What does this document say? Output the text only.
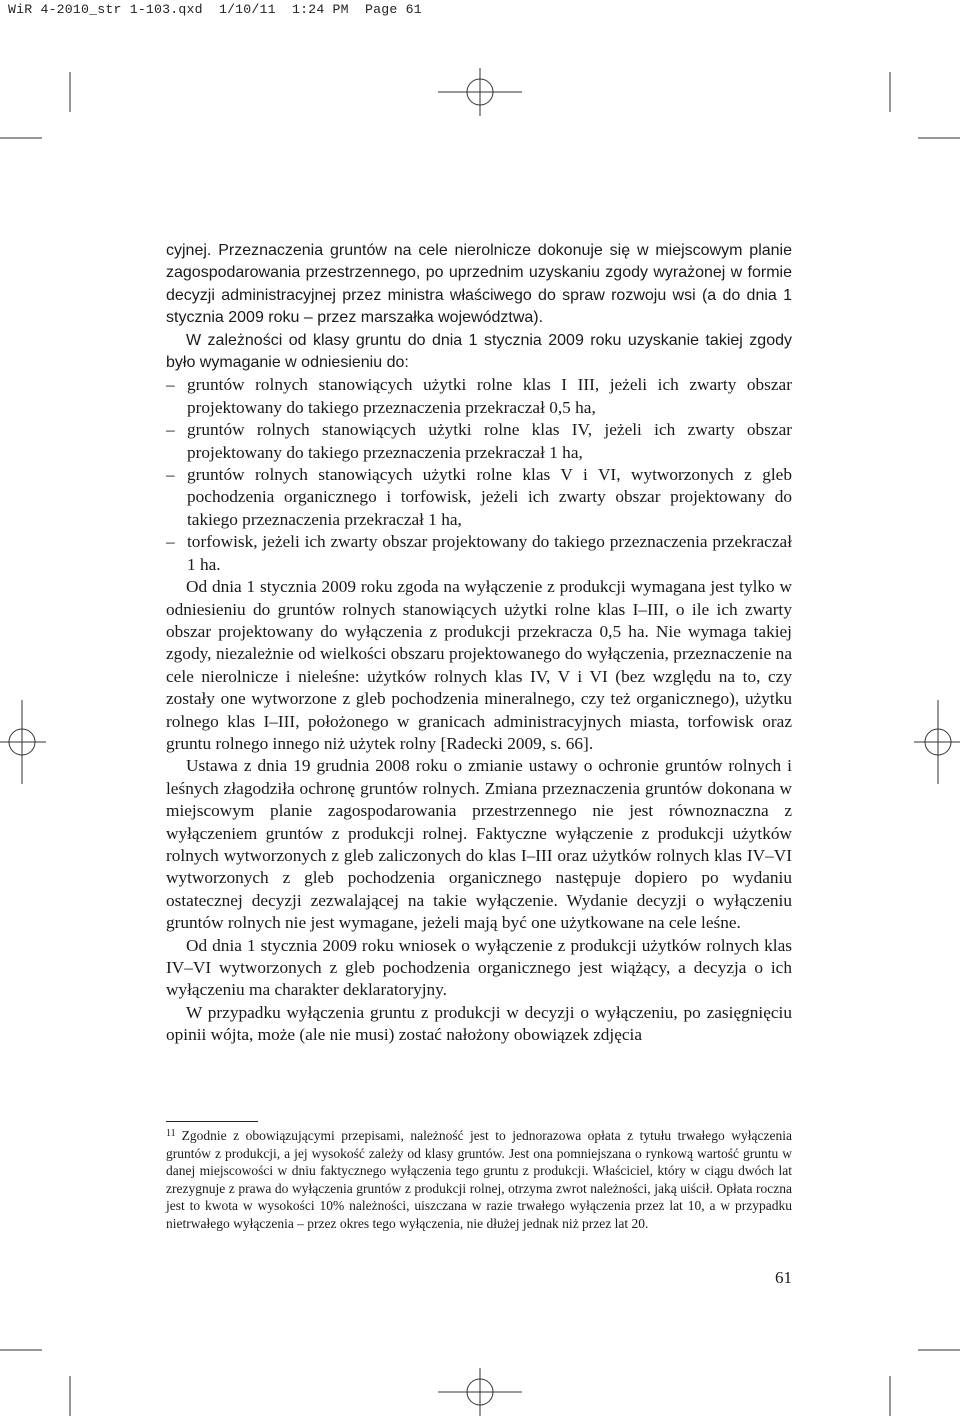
WiR 4-2010_str 1-103.qxd  1/10/11  1:24 PM  Page 61

cyjnej. Przeznaczenia gruntów na cele nierolnicze dokonuje się w miejscowym planie zagospodarowania przestrzennego, po uprzednim uzyskaniu zgody wyrażonej w formie decyzji administracyjnej przez ministra właściwego do spraw rozwoju wsi (a do dnia 1 stycznia 2009 roku – przez marszałka województwa).

W zależności od klasy gruntu do dnia 1 stycznia 2009 roku uzyskanie takiej zgody było wymaganie w odniesieniu do:

– gruntów rolnych stanowiących użytki rolne klas I III, jeżeli ich zwarty obszar projektowany do takiego przeznaczenia przekraczał 0,5 ha,
– gruntów rolnych stanowiących użytki rolne klas IV, jeżeli ich zwarty obszar projektowany do takiego przeznaczenia przekraczał 1 ha,
– gruntów rolnych stanowiących użytki rolne klas V i VI, wytworzonych z gleb pochodzenia organicznego i torfowisk, jeżeli ich zwarty obszar projektowany do takiego przeznaczenia przekraczał 1 ha,
– torfowisk, jeżeli ich zwarty obszar projektowany do takiego przeznaczenia przekraczał 1 ha.

Od dnia 1 stycznia 2009 roku zgoda na wyłączenie z produkcji wymagana jest tylko w odniesieniu do gruntów rolnych stanowiących użytki rolne klas I–III, o ile ich zwarty obszar projektowany do wyłączenia z produkcji przekracza 0,5 ha. Nie wymaga takiej zgody, niezależnie od wielkości obszaru projektowanego do wyłączenia, przeznaczenie na cele nierolnicze i nieleśne: użytków rolnych klas IV, V i VI (bez względu na to, czy zostały one wytworzone z gleb pochodzenia mineralnego, czy też organicznego), użytku rolnego klas I–III, położonego w granicach administracyjnych miasta, torfowisk oraz gruntu rolnego innego niż użytek rolny [Radecki 2009, s. 66].

Ustawa z dnia 19 grudnia 2008 roku o zmianie ustawy o ochronie gruntów rolnych i leśnych złagodziła ochronę gruntów rolnych. Zmiana przeznaczenia gruntów dokonana w miejscowym planie zagospodarowania przestrzennego nie jest równoznaczna z wyłączeniem gruntów z produkcji rolnej. Faktyczne wyłączenie z produkcji użytków rolnych wytworzonych z gleb zaliczonych do klas I–III oraz użytków rolnych klas IV–VI wytworzonych z gleb pochodzenia organicznego następuje dopiero po wydaniu ostatecznej decyzji zezwalającej na takie wyłączenie. Wydanie decyzji o wyłączeniu gruntów rolnych nie jest wymagane, jeżeli mają być one użytkowane na cele leśne.

Od dnia 1 stycznia 2009 roku wniosek o wyłączenie z produkcji użytków rolnych klas IV–VI wytworzonych z gleb pochodzenia organicznego jest wiążący, a decyzja o ich wyłączeniu ma charakter deklaratoryjny.

W przypadku wyłączenia gruntu z produkcji w decyzji o wyłączeniu, po zasięgnięciu opinii wójta, może (ale nie musi) zostać nałożony obowiązek zdjęcia

$^{11}$ Zgodnie z obowiązującymi przepisami, należność jest to jednorazowa opłata z tytułu trwałego wyłączenia gruntów z produkcji, a jej wysokość zależy od klasy gruntów. Jest ona pomniejszana o rynkową wartość gruntu w danej miejscowości w dniu faktycznego wyłączenia tego gruntu z produkcji. Właściciel, który w ciągu dwóch lat zrezygnuje z prawa do wyłączenia gruntów z produkcji rolnej, otrzyma zwrot należności, jaką uiścił. Opłata roczna jest to kwota w wysokości 10% należności, uiszczana w razie trwałego wyłączenia przez lat 10, a w przypadku nietrwałego wyłączenia – przez okres tego wyłączenia, nie dłużej jednak niż przez lat 20.
61
